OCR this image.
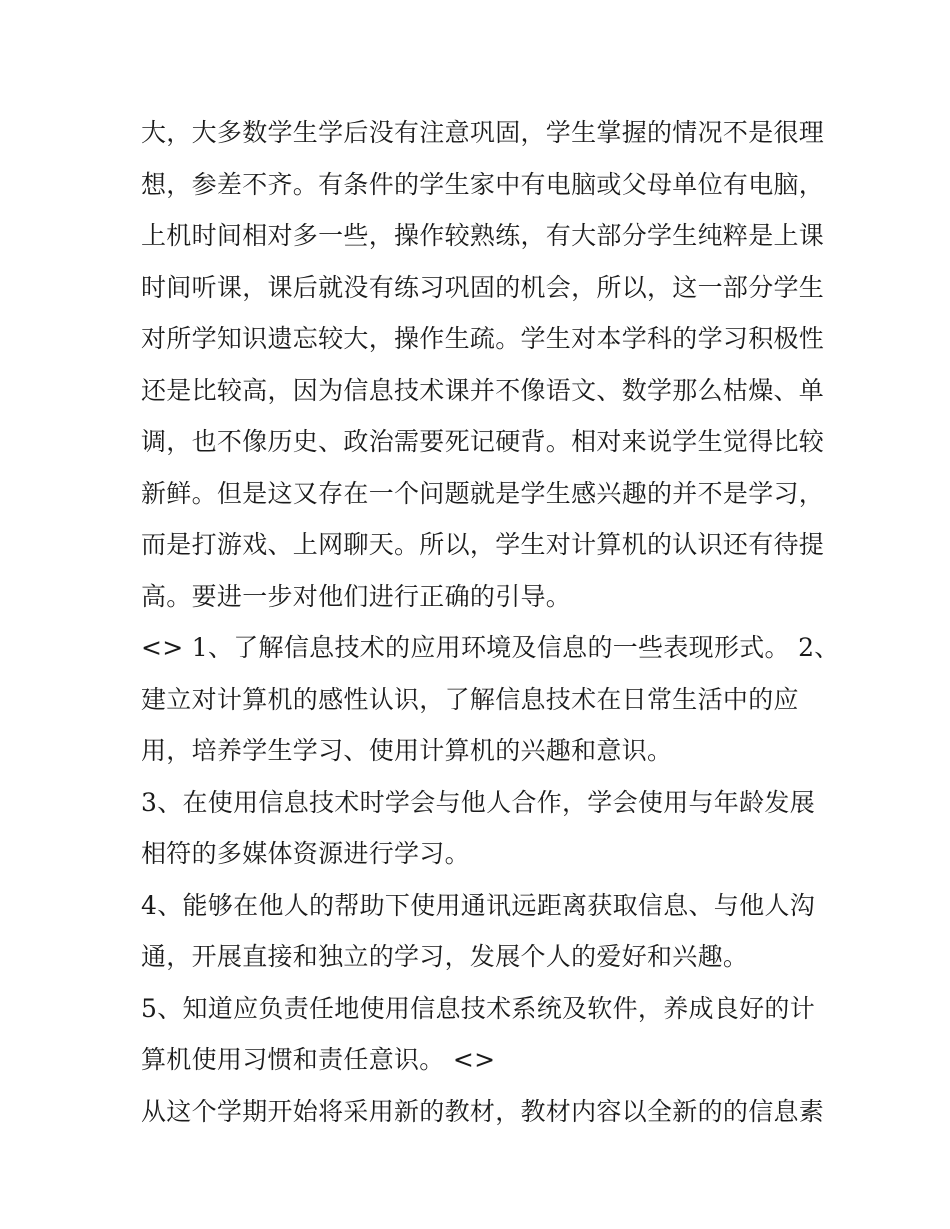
大，大多数学生学后没有注意巩固，学生掌握的情况不是很理
想，参差不齐。有条件的学生家中有电脑或父母单位有电脑，
上机时间相对多一些，操作较熟练，有大部分学生纯粹是上课
时间听课，课后就没有练习巩固的机会，所以，这一部分学生
对所学知识遗忘较大，操作生疏。学生对本学科的学习积极性
还是比较高，因为信息技术课并不像语文、数学那么枯燥、单
调，也不像历史、政治需要死记硬背。相对来说学生觉得比较
新鲜。但是这又存在一个问题就是学生感兴趣的并不是学习，
而是打游戏、上网聊天。所以，学生对计算机的认识还有待提
高。要进一步对他们进行正确的引导。
<> 1、了解信息技术的应用环境及信息的一些表现形式。 2、
建立对计算机的感性认识，了解信息技术在日常生活中的应
用，培养学生学习、使用计算机的兴趣和意识。
3、在使用信息技术时学会与他人合作，学会使用与年龄发展
相符的多媒体资源进行学习。
4、能够在他人的帮助下使用通讯远距离获取信息、与他人沟
通，开展直接和独立的学习，发展个人的爱好和兴趣。
5、知道应负责任地使用信息技术系统及软件，养成良好的计
算机使用习惯和责任意识。 <>
从这个学期开始将采用新的教材，教材内容以全新的的信息素
